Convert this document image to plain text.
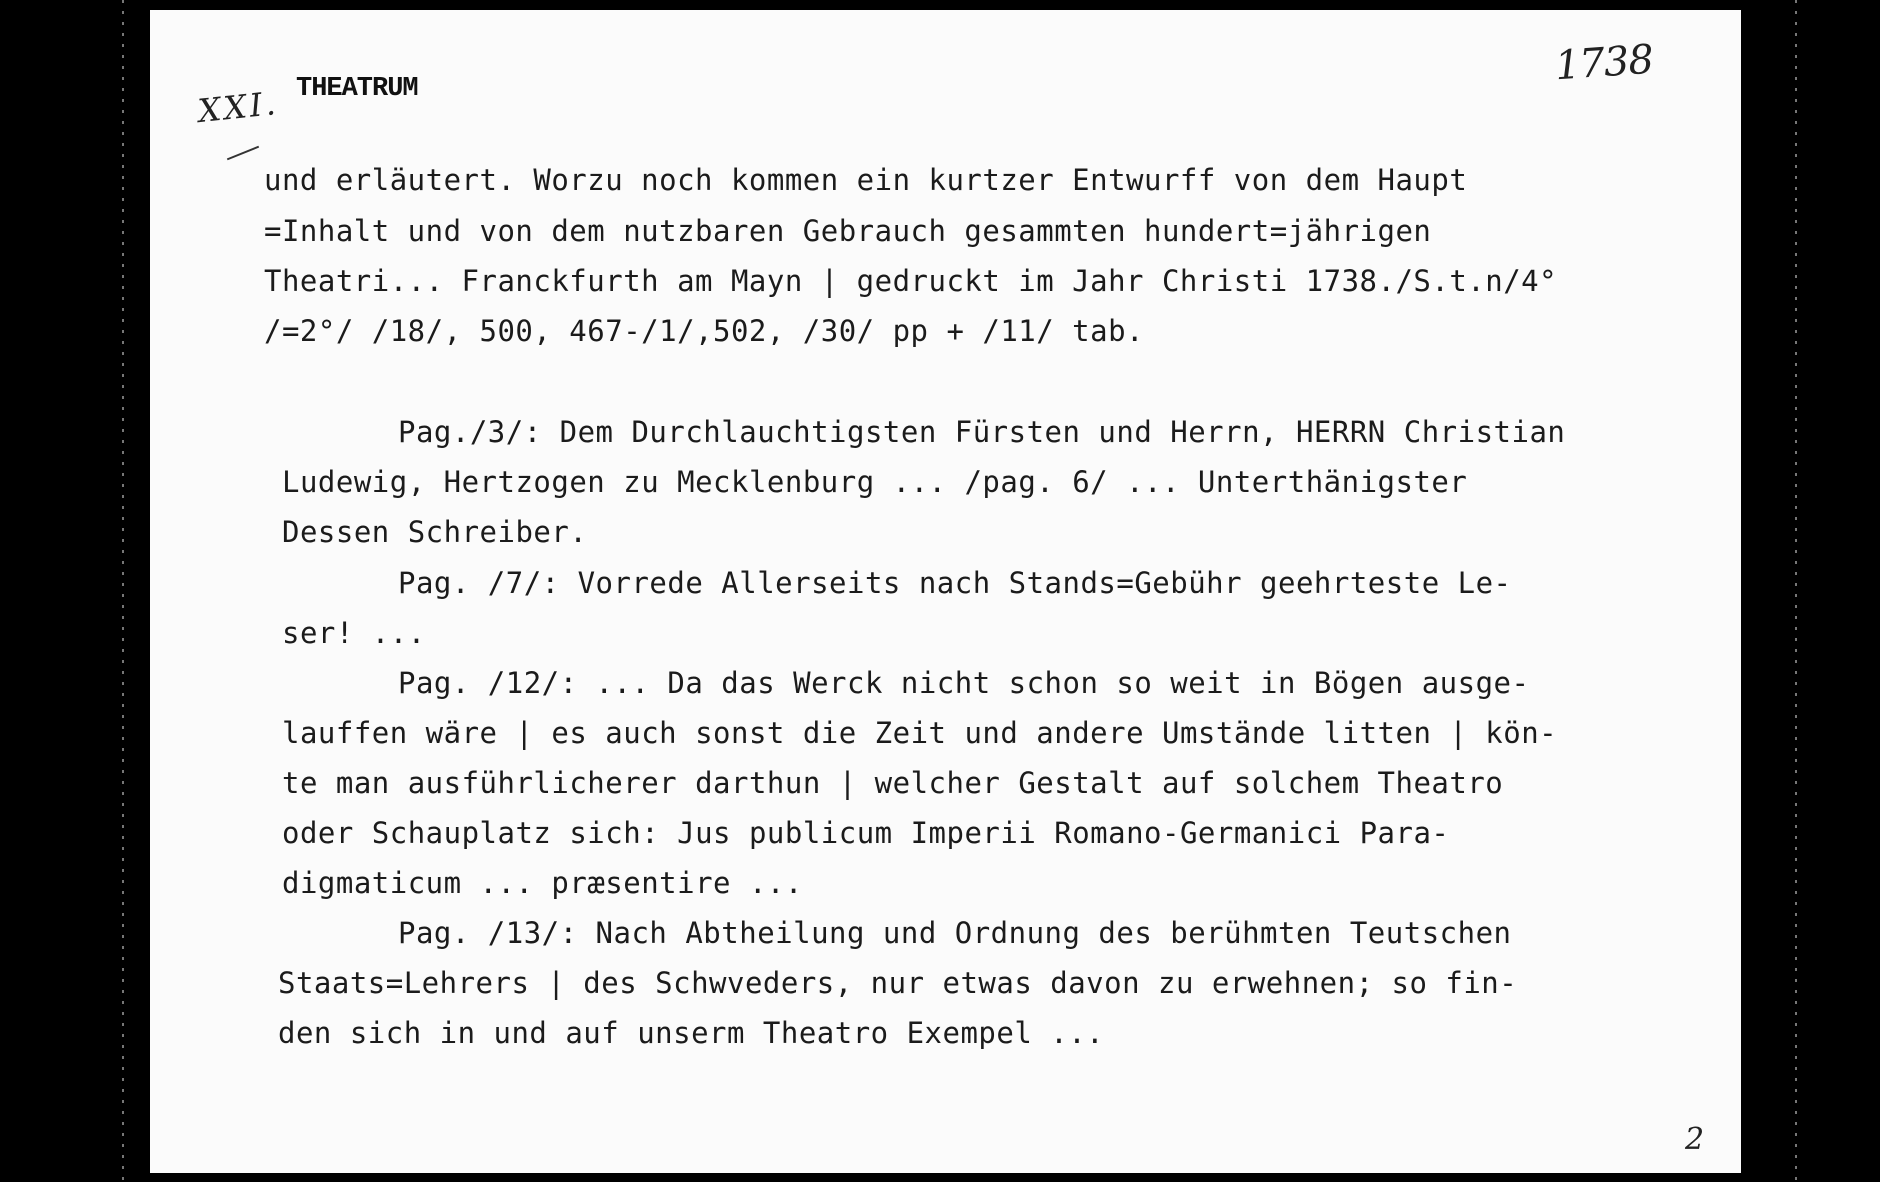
XXI. THEATRUM	1738

und erläutert. Worzu noch kommen ein kurtzer Entwurff von dem Haupt

=Inhalt und von dem nutzbaren Gebrauch gesammten hundert=jährigen

Theatri... Franckfurth am Mayn | gedruckt im Jahr Christi 1738./S.t.n/4°

/=2°/ /18/, 500, 467-/1/,502, /30/ pp + /11/ tab.

Pag./3/: Dem Durchlauchtigsten Fürsten und Herrn, HERRN Christian

Ludewig, Hertzogen zu Mecklenburg ... /pag. 6/ ... Unterthänigster

Dessen Schreiber.

Pag. /7/: Vorrede Allerseits nach Stands=Gebühr geehrteste Le-

ser! ...

Pag. /12/: ... Da das Werck nicht schon so weit in Bögen ausge-

lauffen wäre | es auch sonst die Zeit und andere Umstände litten | kön-

te man ausführlicherer darthun | welcher Gestalt auf solchem Theatro

oder Schauplatz sich: Jus publicum Imperii Romano-Germanici Para-

digmaticum ... præsentire ...

Pag. /13/: Nach Abtheilung und Ordnung des berühmten Teutschen

Staats=Lehrers | des Schwveders, nur etwas davon zu erwehnen; so fin-

den sich in und auf unserm Theatro Exempel ...

2
